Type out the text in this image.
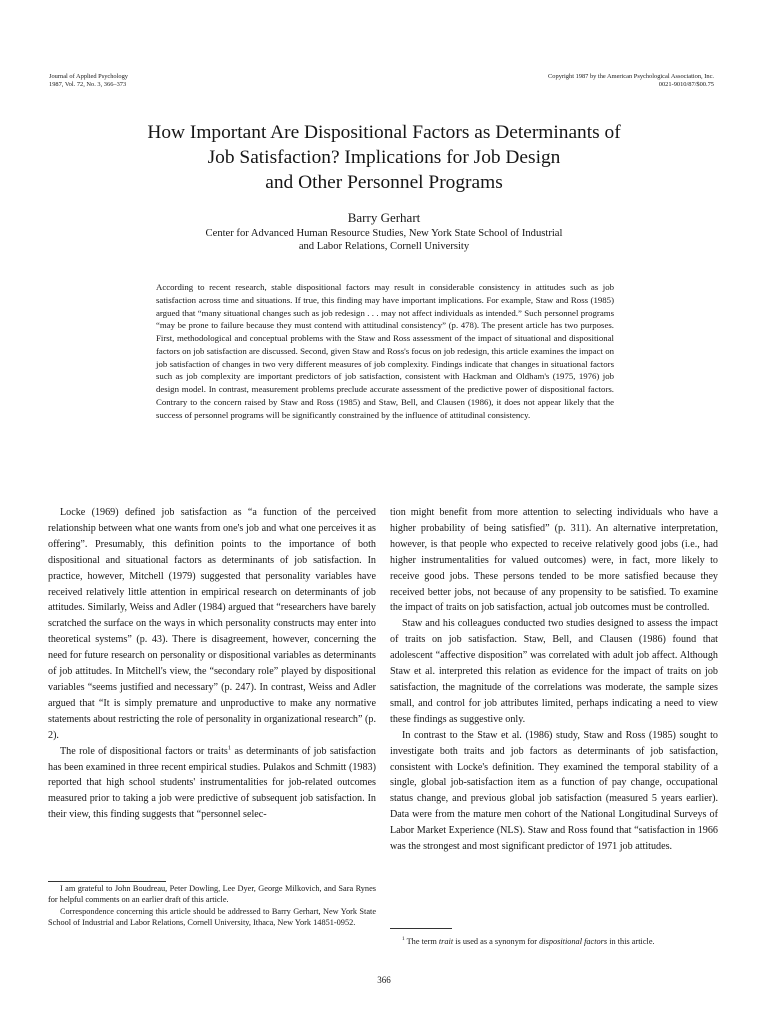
Journal of Applied Psychology
1987, Vol. 72, No. 3, 366–373
Copyright 1987 by the American Psychological Association, Inc.
0021-9010/87/$00.75
How Important Are Dispositional Factors as Determinants of
Job Satisfaction? Implications for Job Design
and Other Personnel Programs
Barry Gerhart
Center for Advanced Human Resource Studies, New York State School of Industrial
and Labor Relations, Cornell University

According to recent research, stable dispositional factors may result in considerable consistency in attitudes such as job satisfaction across time and situations. If true, this finding may have important implications. For example, Staw and Ross (1985) argued that “many situational changes such as job redesign . . . may not affect individuals as intended.” Such personnel programs “may be prone to failure because they must contend with attitudinal consistency” (p. 478). The present article has two purposes. First, methodological and conceptual problems with the Staw and Ross assessment of the impact of situational and dispositional factors on job satisfaction are discussed. Second, given Staw and Ross's focus on job redesign, this article examines the impact on job satisfaction of changes in two very different measures of job complexity. Findings indicate that changes in situational factors such as job complexity are important predictors of job satisfaction, consistent with Hackman and Oldham's (1975, 1976) job design model. In contrast, measurement problems preclude accurate assessment of the predictive power of dispositional factors. Contrary to the concern raised by Staw and Ross (1985) and Staw, Bell, and Clausen (1986), it does not appear likely that the success of personnel programs will be significantly constrained by the influence of attitudinal consistency.

Locke (1969) defined job satisfaction as “a function of the perceived relationship between what one wants from one's job and what one perceives it as offering”. Presumably, this definition points to the importance of both dispositional and situational factors as determinants of job satisfaction. In practice, however, Mitchell (1979) suggested that personality variables have received relatively little attention in empirical research on determinants of job attitudes. Similarly, Weiss and Adler (1984) argued that “researchers have barely scratched the surface on the ways in which personality constructs may enter into theoretical systems” (p. 43). There is disagreement, however, concerning the need for future research on personality or dispositional variables as determinants of job attitudes. In Mitchell's view, the “secondary role” played by dispositional variables “seems justified and necessary” (p. 247). In contrast, Weiss and Adler argued that “It is simply premature and unproductive to make any normative statements about restricting the role of personality in organizational research” (p. 2).

The role of dispositional factors or traits$^1$ as determinants of job satisfaction has been examined in three recent empirical studies. Pulakos and Schmitt (1983) reported that high school students' instrumentalities for job-related outcomes measured prior to taking a job were predictive of subsequent job satisfaction. In their view, this finding suggests that “personnel selec-

tion might benefit from more attention to selecting individuals who have a higher probability of being satisfied” (p. 311). An alternative interpretation, however, is that people who expected to receive relatively good jobs (i.e., had higher instrumentalities for valued outcomes) were, in fact, more likely to receive good jobs. These persons tended to be more satisfied because they received better jobs, not because of any propensity to be satisfied. To examine the impact of traits on job satisfaction, actual job outcomes must be controlled.

Staw and his colleagues conducted two studies designed to assess the impact of traits on job satisfaction. Staw, Bell, and Clausen (1986) found that adolescent “affective disposition” was correlated with adult job affect. Although Staw et al. interpreted this relation as evidence for the impact of traits on job satisfaction, the magnitude of the correlations was moderate, the sample sizes small, and control for job attributes limited, perhaps indicating a need to view these findings as suggestive only.

In contrast to the Staw et al. (1986) study, Staw and Ross (1985) sought to investigate both traits and job factors as determinants of job satisfaction, consistent with Locke's definition. They examined the temporal stability of a single, global job-satisfaction item as a function of pay change, occupational status change, and previous global job satisfaction (measured 5 years earlier). Data were from the mature men cohort of the National Longitudinal Surveys of Labor Market Experience (NLS). Staw and Ross found that “satisfaction in 1966 was the strongest and most significant predictor of 1971 job attitudes.

I am grateful to John Boudreau, Peter Dowling, Lee Dyer, George Milkovich, and Sara Rynes for helpful comments on an earlier draft of this article.

Correspondence concerning this article should be addressed to Barry Gerhart, New York State School of Industrial and Labor Relations, Cornell University, Ithaca, New York 14851-0952.

$^1$ The term trait is used as a synonym for dispositional factors in this article.

366
